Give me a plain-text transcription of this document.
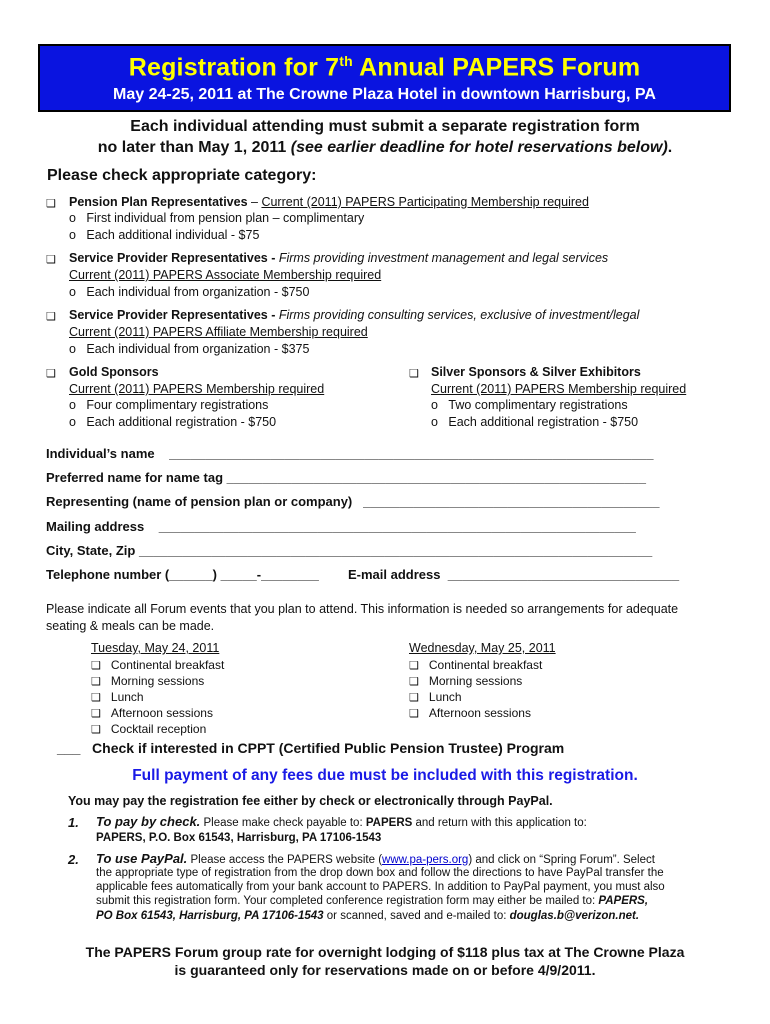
Registration for 7th Annual PAPERS Forum
May 24-25, 2011 at The Crowne Plaza Hotel in downtown Harrisburg, PA
Each individual attending must submit a separate registration form
no later than May 1, 2011 (see earlier deadline for hotel reservations below).
Please check appropriate category:
❑ Pension Plan Representatives – Current (2011) PAPERS Participating Membership required
o First individual from pension plan – complimentary
o Each additional individual - $75
❑ Service Provider Representatives - Firms providing investment management and legal services
Current (2011) PAPERS Associate Membership required
o Each individual from organization - $750
❑ Service Provider Representatives - Firms providing consulting services, exclusive of investment/legal
Current (2011) PAPERS Affiliate Membership required
o Each individual from organization - $375
❑ Gold Sponsors
Current (2011) PAPERS Membership required
o Four complimentary registrations
o Each additional registration - $750
❑ Silver Sponsors & Silver Exhibitors
Current (2011) PAPERS Membership required
o Two complimentary registrations
o Each additional registration - $750
Individual’s name ___________________________________________________________________
Preferred name for name tag __________________________________________________________
Representing (name of pension plan or company) _________________________________________
Mailing address __________________________________________________________________
City, State, Zip _______________________________________________________________________
Telephone number (______) _____-________ E-mail address ________________________________
Please indicate all Forum events that you plan to attend. This information is needed so arrangements for adequate seating & meals can be made.
Tuesday, May 24, 2011
❑ Continental breakfast
❑ Morning sessions
❑ Lunch
❑ Afternoon sessions
❑ Cocktail reception
Wednesday, May 25, 2011
❑ Continental breakfast
❑ Morning sessions
❑ Lunch
❑ Afternoon sessions
___ Check if interested in CPPT (Certified Public Pension Trustee) Program
Full payment of any fees due must be included with this registration.
You may pay the registration fee either by check or electronically through PayPal.
1. To pay by check. Please make check payable to: PAPERS and return with this application to:
PAPERS, P.O. Box 61543, Harrisburg, PA 17106-1543
2. To use PayPal. Please access the PAPERS website (www.pa-pers.org) and click on “Spring Forum”. Select
the appropriate type of registration from the drop down box and follow the directions to have PayPal transfer the
applicable fees automatically from your bank account to PAPERS. In addition to PayPal payment, you must also
submit this registration form. Your completed conference registration form may either be mailed to: PAPERS,
PO Box 61543, Harrisburg, PA 17106-1543 or scanned, saved and e-mailed to: douglas.b@verizon.net.
The PAPERS Forum group rate for overnight lodging of $118 plus tax at The Crowne Plaza
is guaranteed only for reservations made on or before 4/9/2011.
